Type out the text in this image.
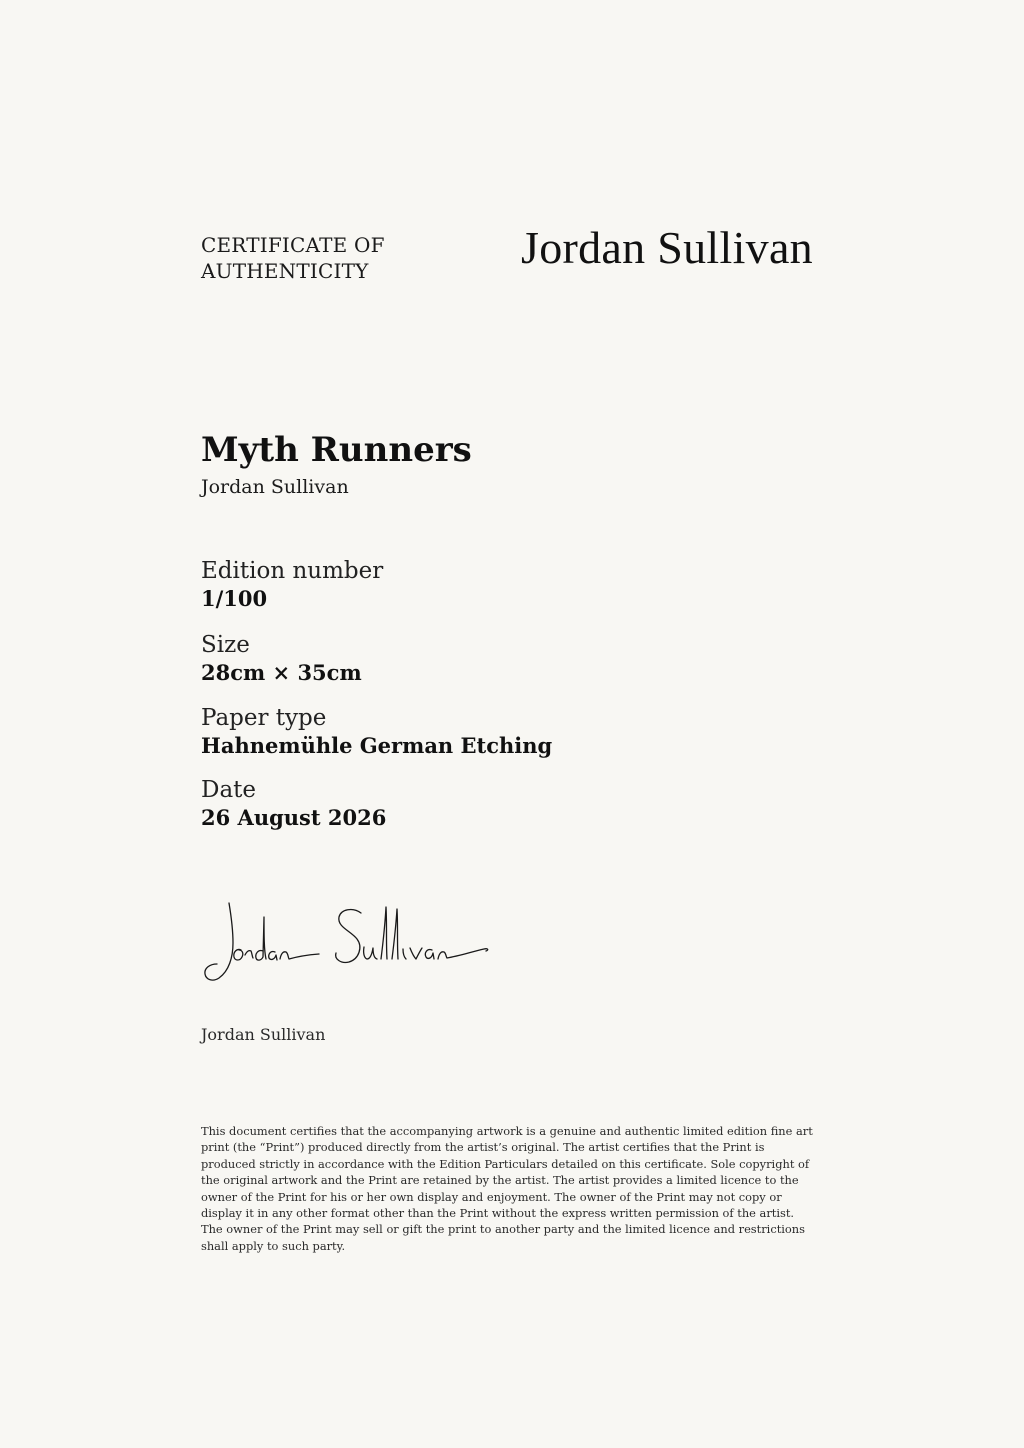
CERTIFICATE OF
AUTHENTICITY	Jordan Sullivan
Myth Runners
Jordan Sullivan
Edition number
1/100
Size
28cm × 35cm
Paper type
Hahnemühle German Etching
Date
26 August 2026
Jordan Sullivan
This document certifies that the accompanying artwork is a genuine and authentic limited edition fine art print (the “Print”) produced directly from the artist’s original. The artist certifies that the Print is produced strictly in accordance with the Edition Particulars detailed on this certificate. Sole copyright of the original artwork and the Print are retained by the artist. The artist provides a limited licence to the owner of the Print for his or her own display and enjoyment. The owner of the Print may not copy or display it in any other format other than the Print without the express written permission of the artist. The owner of the Print may sell or gift the print to another party and the limited licence and restrictions shall apply to such party.
